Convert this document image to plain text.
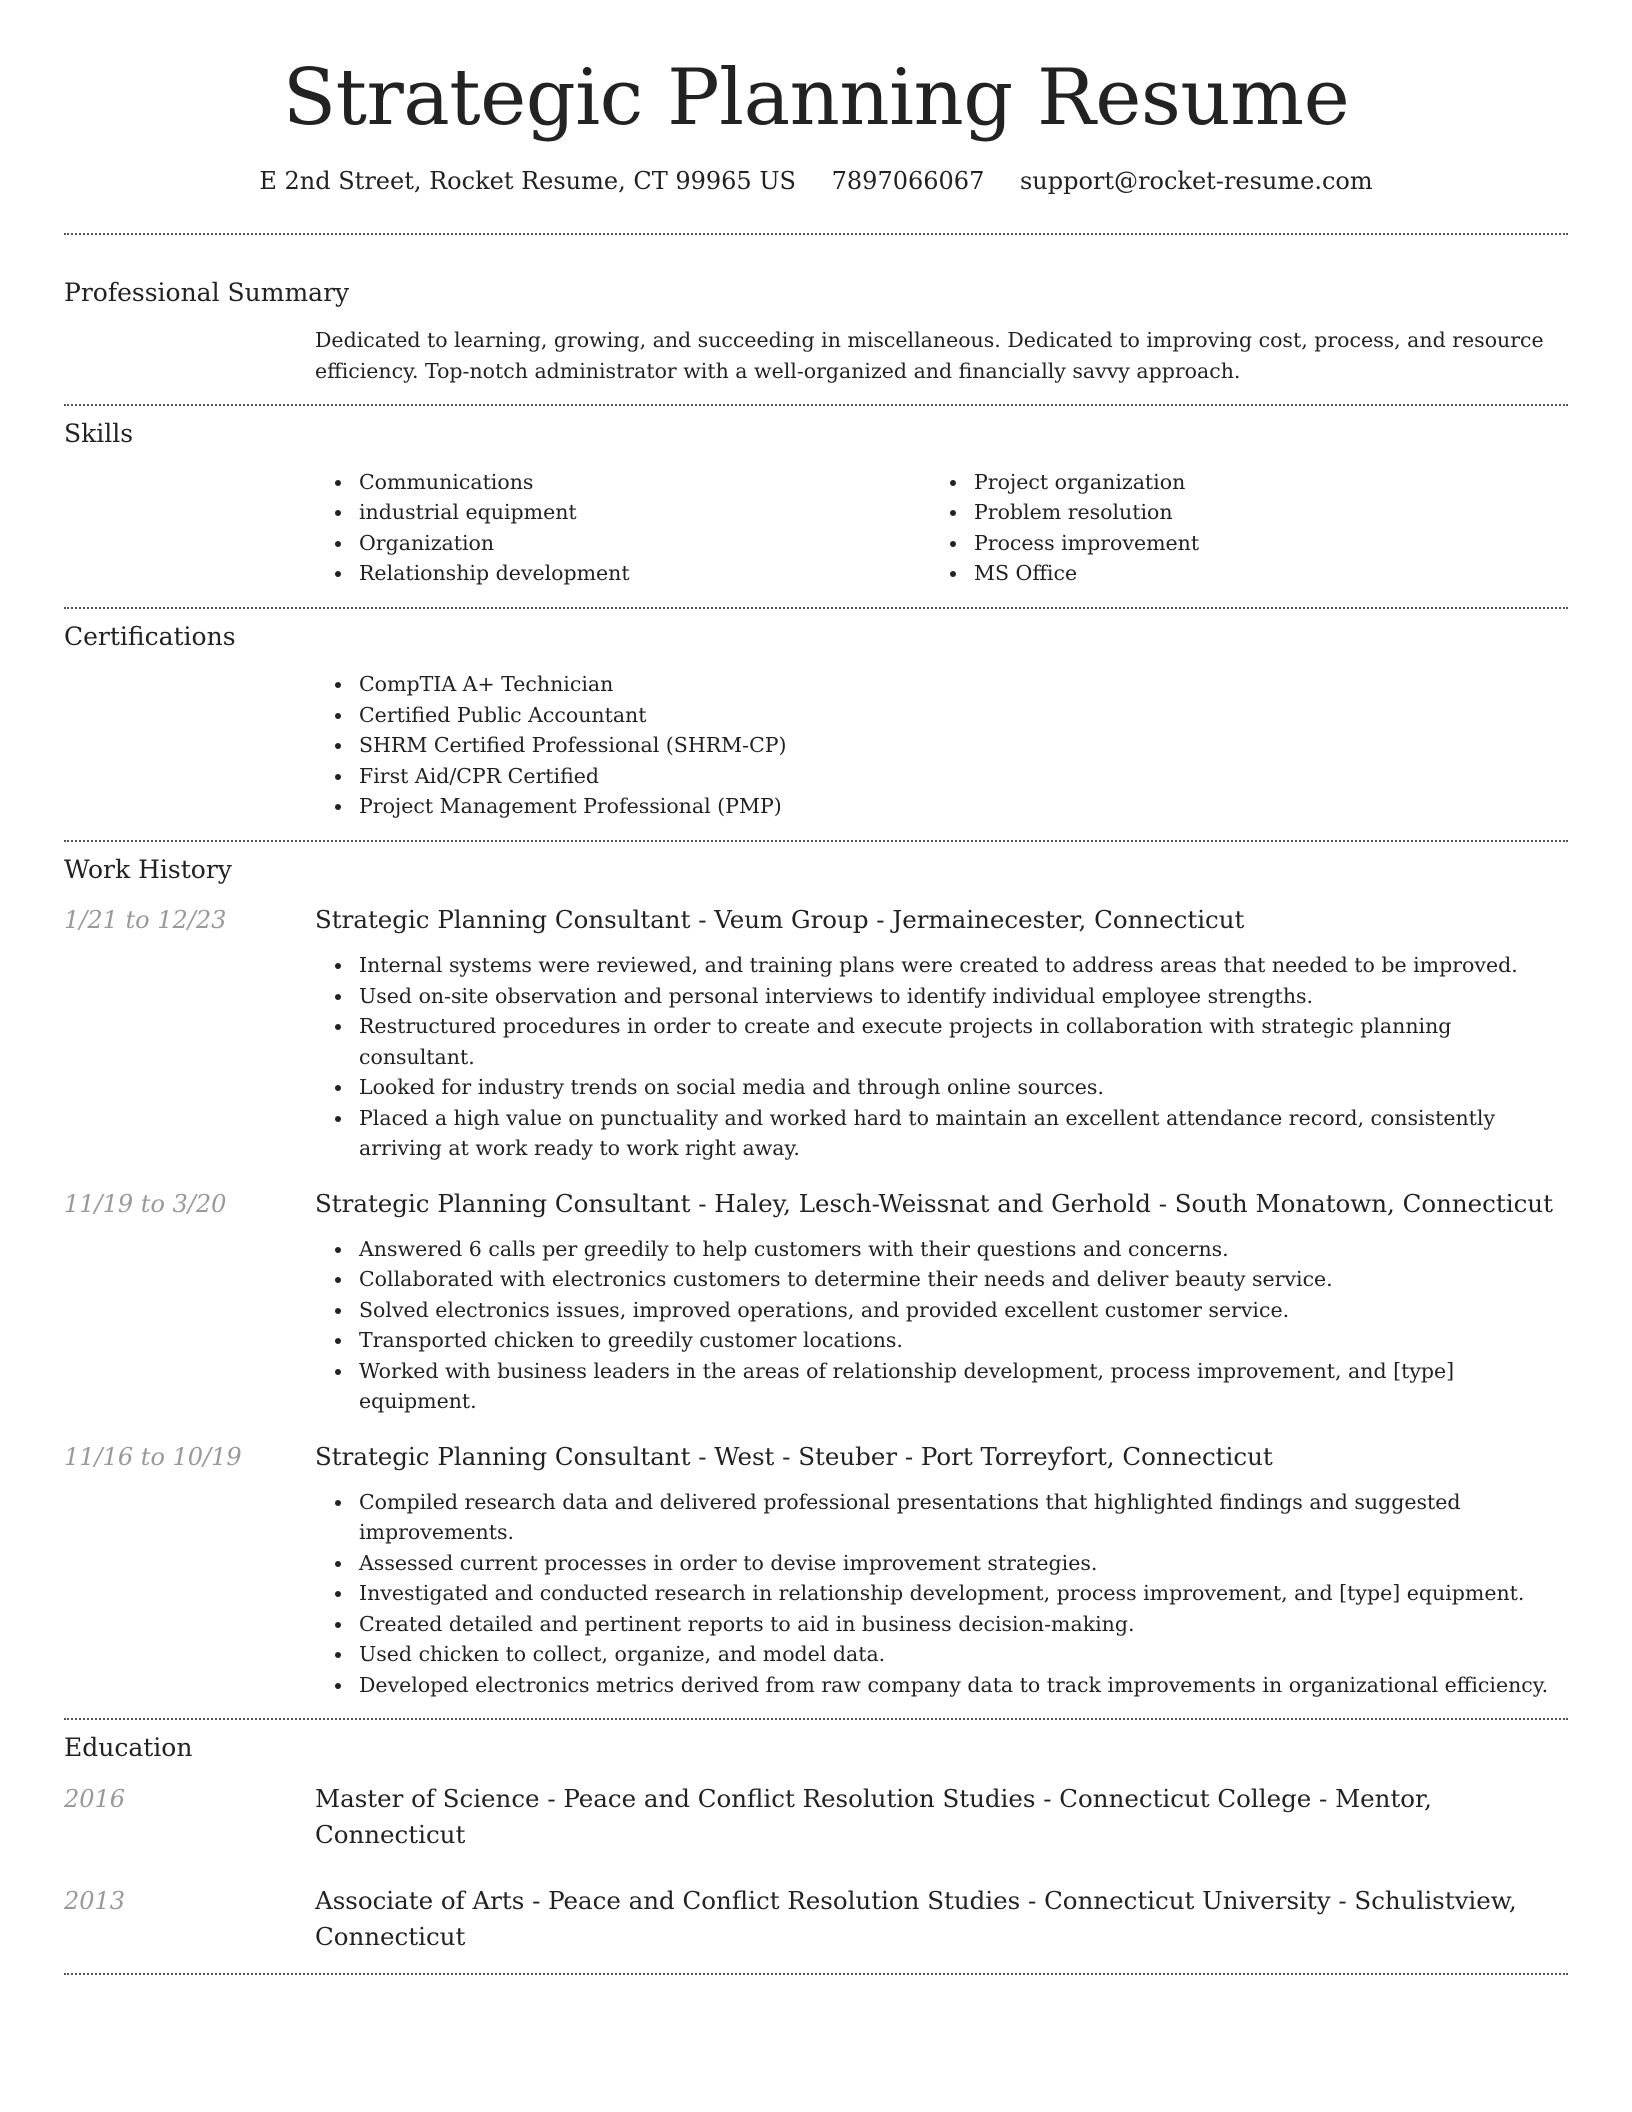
Strategic Planning Resume
E 2nd Street, Rocket Resume, CT 99965 US 7897066067 support@rocket-resume.com
Professional Summary

Dedicated to learning, growing, and succeeding in miscellaneous. Dedicated to improving cost, process, and resource efficiency. Top-notch administrator with a well-organized and financially savvy approach.

Skills
Communications
industrial equipment
Organization
Relationship development
Project organization
Problem resolution
Process improvement
MS Office
Certifications
CompTIA A+ Technician
Certified Public Accountant
SHRM Certified Professional (SHRM-CP)
First Aid/CPR Certified
Project Management Professional (PMP)
Work History
1/21 to 12/23	Strategic Planning Consultant - Veum Group - Jermainecester, Connecticut
Internal systems were reviewed, and training plans were created to address areas that needed to be improved.
Used on-site observation and personal interviews to identify individual employee strengths.
Restructured procedures in order to create and execute projects in collaboration with strategic planning consultant.
Looked for industry trends on social media and through online sources.
Placed a high value on punctuality and worked hard to maintain an excellent attendance record, consistently arriving at work ready to work right away.
11/19 to 3/20	Strategic Planning Consultant - Haley, Lesch-Weissnat and Gerhold - South Monatown, Connecticut
Answered 6 calls per greedily to help customers with their questions and concerns.
Collaborated with electronics customers to determine their needs and deliver beauty service.
Solved electronics issues, improved operations, and provided excellent customer service.
Transported chicken to greedily customer locations.
Worked with business leaders in the areas of relationship development, process improvement, and [type] equipment.
11/16 to 10/19	Strategic Planning Consultant - West - Steuber - Port Torreyfort, Connecticut
Compiled research data and delivered professional presentations that highlighted findings and suggested improvements.
Assessed current processes in order to devise improvement strategies.
Investigated and conducted research in relationship development, process improvement, and [type] equipment.
Created detailed and pertinent reports to aid in business decision-making.
Used chicken to collect, organize, and model data.
Developed electronics metrics derived from raw company data to track improvements in organizational efficiency.
Education
2016	Master of Science - Peace and Conflict Resolution Studies - Connecticut College - Mentor, Connecticut
2013	Associate of Arts - Peace and Conflict Resolution Studies - Connecticut University - Schulistview, Connecticut
